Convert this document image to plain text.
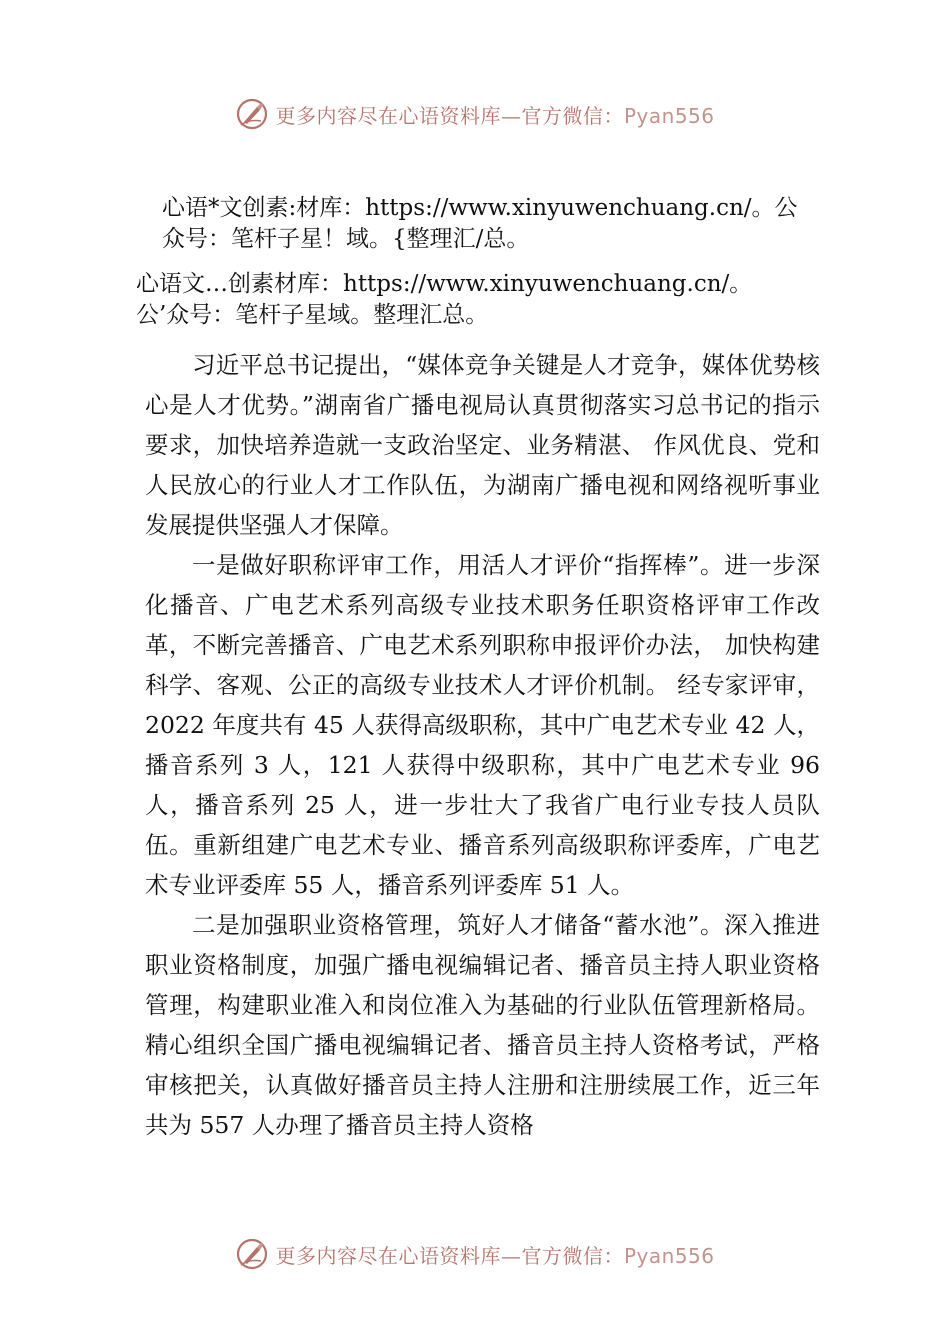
更多内容尽在心语资料库—官方微信：Pyan556
心语*文创素:材库：https://www.xinyuwenchuang.cn/。公
众号：笔杆子星！域。{整理汇/总。
心语文…创素材库：https://www.xinyuwenchuang.cn/。
公’众号：笔杆子星域。整理汇总。

习近平总书记提出，“媒体竞争关键是人才竞争，媒体优势核心是人才优势。”湖南省广播电视局认真贯彻落实习总书记的指示要求，加快培养造就一支政治坚定、业务精湛、 作风优良、党和人民放心的行业人才工作队伍，为湖南广播电视和网络视听事业发展提供坚强人才保障。

一是做好职称评审工作，用活人才评价“指挥棒”。进一步深化播音、广电艺术系列高级专业技术职务任职资格评审工作改革，不断完善播音、广电艺术系列职称申报评价办法， 加快构建科学、客观、公正的高级专业技术人才评价机制。 经专家评审，2022 年度共有 45 人获得高级职称，其中广电艺术专业 42 人，播音系列 3 人，121 人获得中级职称，其中广电艺术专业 96 人，播音系列 25 人，进一步壮大了我省广电行业专技人员队伍。重新组建广电艺术专业、播音系列高级职称评委库，广电艺术专业评委库 55 人，播音系列评委库 51 人。

二是加强职业资格管理，筑好人才储备“蓄水池”。深入推进职业资格制度，加强广播电视编辑记者、播音员主持人职业资格管理，构建职业准入和岗位准入为基础的行业队伍管理新格局。精心组织全国广播电视编辑记者、播音员主持人资格考试，严格审核把关，认真做好播音员主持人注册和注册续展工作，近三年共为 557 人办理了播音员主持人资格

更多内容尽在心语资料库—官方微信：Pyan556
